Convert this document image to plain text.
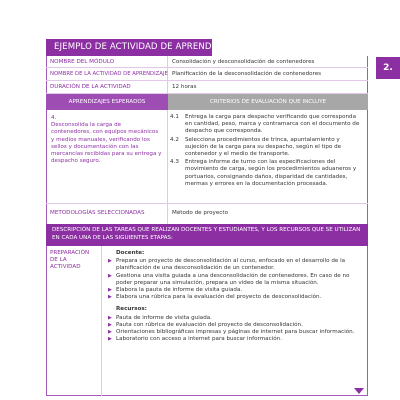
EJEMPLO DE ACTIVIDAD DE APRENDIZAJE
2.
NOMBRE DEL MÓDULO	Consolidación y desconsolidación de contenedores
NOMBRE DE LA ACTIVIDAD DE APRENDIZAJE Planificación de la desconsolidación de contenedores
DURACIÓN DE LA ACTIVIDAD	12 horas
APRENDIZAJES ESPERADOS	CRITERIOS DE EVALUACIÓN QUE INCLUYE
4.
Desconsolida la carga de contenedores, con equipos mecánicos y medios manuales, verificando los sellos y documentación con las mercancías recibidas para su entrega y despacho seguro.
4.1	Entrega la carga para despacho verificando que corresponda en cantidad, peso, marca y contramarca con el documento de despacho que corresponda.
4.2	Selecciona procedimientos de trinca, apuntalamiento y sujeción de la carga para su despacho, según el tipo de contenedor y el medio de transporte.
4.3	Entrega informe de turno con las especificaciones del movimiento de carga, según los procedimientos aduaneros y portuarios, consignando daños, disparidad de cantidades, mermas y errores en la documentación procesada.
METODOLOGÍAS SELECCIONADAS	Método de proyecto
DESCRIPCIÓN DE LAS TAREAS QUE REALIZAN DOCENTES Y ESTUDIANTES, Y LOS RECURSOS QUE SE UTILIZAN EN CADA UNA DE LAS SIGUIENTES ETAPAS:
PREPARACIÓN DE LA ACTIVIDAD
Docente:
▶ Prepara un proyecto de desconsolidación al curso, enfocado en el desarrollo de la planificación de una desconsolidación de un contenedor.
▶ Gestiona una visita guiada a una desconsolidación de contenedores. En caso de no poder preparar una simulación, prepara un video de la misma situación.
▶ Elabora la pauta de informe de visita guiada.
▶ Elabora una rúbrica para la evaluación del proyecto de desconsolidación.
Recursos:
▶ Pauta de informe de visita guiada.
▶ Pauta con rúbrica de evaluación del proyecto de desconsolidación.
▶ Orientaciones bibliográficas impresas y páginas de internet para buscar información.
▶ Laboratorio con acceso a internet para buscar información.
